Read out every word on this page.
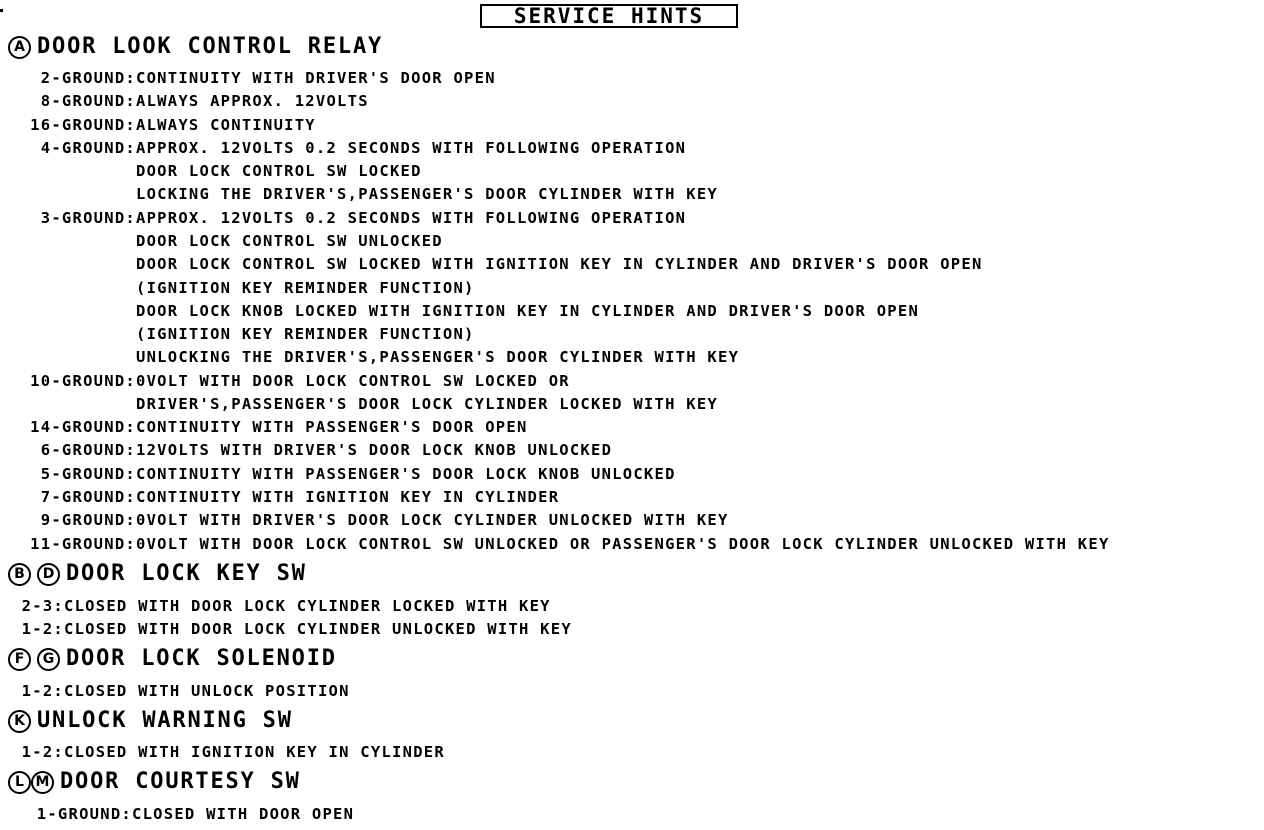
SERVICE HINTS
A DOOR LOOK CONTROL RELAY
2-GROUND:CONTINUITY WITH DRIVER'S DOOR OPEN
8-GROUND:ALWAYS APPROX. 12VOLTS
16-GROUND:ALWAYS CONTINUITY
4-GROUND:APPROX. 12VOLTS 0.2 SECONDS WITH FOLLOWING OPERATION
DOOR LOCK CONTROL SW LOCKED
LOCKING THE DRIVER'S,PASSENGER'S DOOR CYLINDER WITH KEY
3-GROUND:APPROX. 12VOLTS 0.2 SECONDS WITH FOLLOWING OPERATION
DOOR LOCK CONTROL SW UNLOCKED
DOOR LOCK CONTROL SW LOCKED WITH IGNITION KEY IN CYLINDER AND DRIVER'S DOOR OPEN
(IGNITION KEY REMINDER FUNCTION)
DOOR LOCK KNOB LOCKED WITH IGNITION KEY IN CYLINDER AND DRIVER'S DOOR OPEN
(IGNITION KEY REMINDER FUNCTION)
UNLOCKING THE DRIVER'S,PASSENGER'S DOOR CYLINDER WITH KEY
10-GROUND:0VOLT WITH DOOR LOCK CONTROL SW LOCKED OR
DRIVER'S,PASSENGER'S DOOR LOCK CYLINDER LOCKED WITH KEY
14-GROUND:CONTINUITY WITH PASSENGER'S DOOR OPEN
6-GROUND:12VOLTS WITH DRIVER'S DOOR LOCK KNOB UNLOCKED
5-GROUND:CONTINUITY WITH PASSENGER'S DOOR LOCK KNOB UNLOCKED
7-GROUND:CONTINUITY WITH IGNITION KEY IN CYLINDER
9-GROUND:0VOLT WITH DRIVER'S DOOR LOCK CYLINDER UNLOCKED WITH KEY
11-GROUND:0VOLT WITH DOOR LOCK CONTROL SW UNLOCKED OR PASSENGER'S DOOR LOCK CYLINDER UNLOCKED WITH KEY
B	D DOOR LOCK KEY SW
2-3:CLOSED WITH DOOR LOCK CYLINDER LOCKED WITH KEY
1-2:CLOSED WITH DOOR LOCK CYLINDER UNLOCKED WITH KEY
F	G DOOR LOCK SOLENOID
1-2:CLOSED WITH UNLOCK POSITION
K UNLOCK WARNING SW
1-2:CLOSED WITH IGNITION KEY IN CYLINDER
L M DOOR COURTESY SW
1-GROUND:CLOSED WITH DOOR OPEN
